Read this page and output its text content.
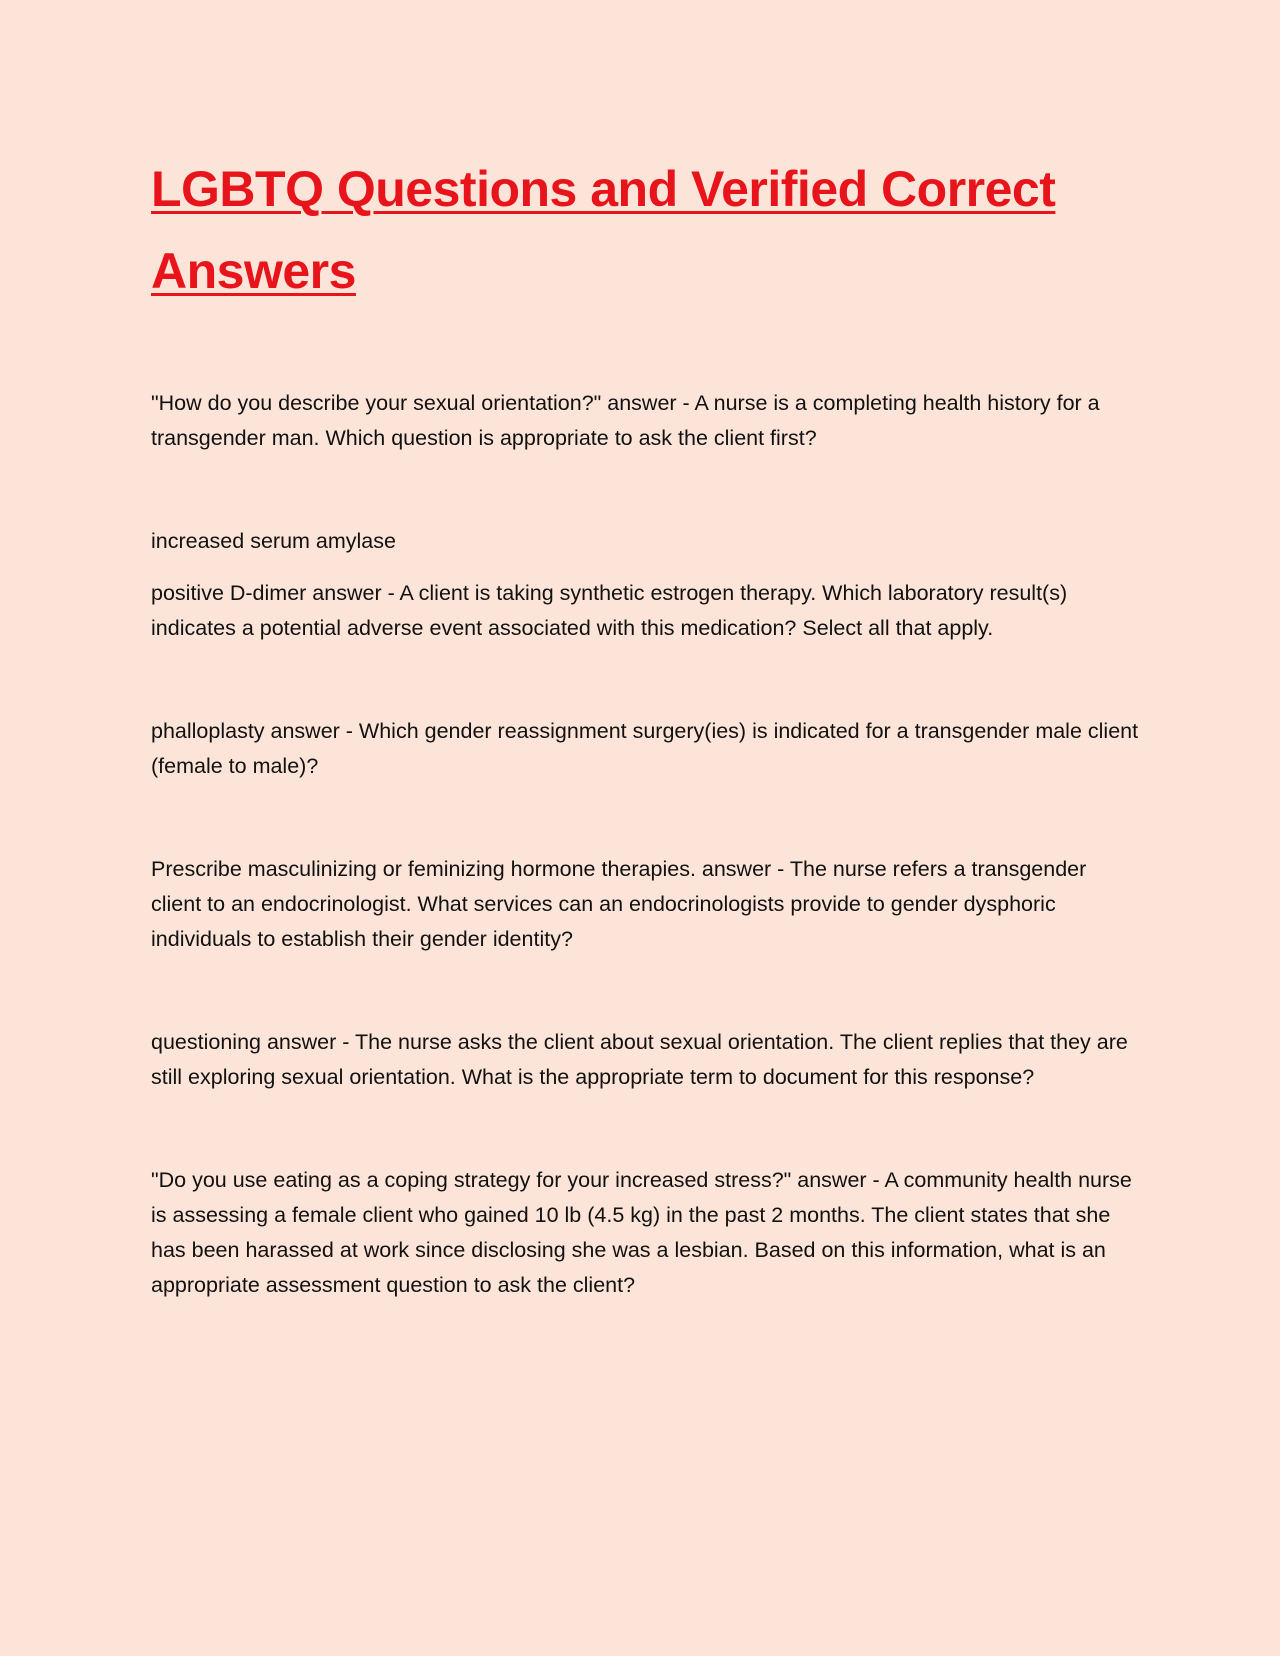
LGBTQ Questions and Verified Correct Answers

"How do you describe your sexual orientation?" answer - A nurse is a completing health history for a transgender man. Which question is appropriate to ask the client first?

increased serum amylase

positive D-dimer answer - A client is taking synthetic estrogen therapy. Which laboratory result(s) indicates a potential adverse event associated with this medication? Select all that apply.

phalloplasty answer - Which gender reassignment surgery(ies) is indicated for a transgender male client (female to male)?

Prescribe masculinizing or feminizing hormone therapies. answer - The nurse refers a transgender client to an endocrinologist. What services can an endocrinologists provide to gender dysphoric individuals to establish their gender identity?

questioning answer - The nurse asks the client about sexual orientation. The client replies that they are still exploring sexual orientation. What is the appropriate term to document for this response?

"Do you use eating as a coping strategy for your increased stress?" answer - A community health nurse is assessing a female client who gained 10 lb (4.5 kg) in the past 2 months. The client states that she has been harassed at work since disclosing she was a lesbian. Based on this information, what is an appropriate assessment question to ask the client?
